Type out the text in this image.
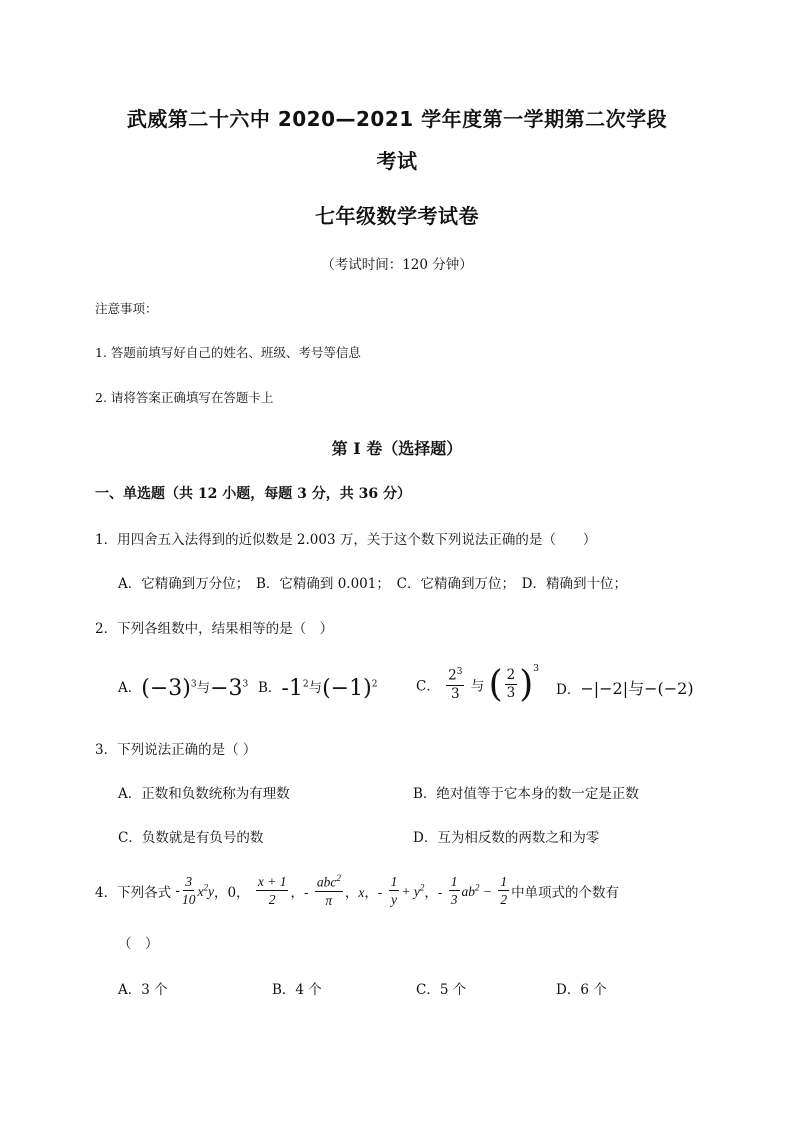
武威第二十六中 2020—2021 学年度第一学期第二次学段
考试
七年级数学考试卷
（考试时间：120 分钟）
注意事项：
1. 答题前填写好自己的姓名、班级、考号等信息
2. 请将答案正确填写在答题卡上
第 I 卷（选择题）
一、单选题（共 12 小题，每题 3 分，共 36 分）
1．用四舍五入法得到的近似数是 2.003 万，关于这个数下列说法正确的是（　　）
A．它精确到万分位；　B．它精确到 0.001；　C．它精确到万位；　D．精确到十位；
2．下列各组数中，结果相等的是（　）
A．$(-3)^3$与$-3^3$ B．$-1^2$与$(-1)^2$	C． $\frac{2^3}{3}$ 与 ( $\frac{2}{3} )^3$
D．−|−2|与−(−2)
3．下列说法正确的是（ ）
A．正数和负数统称为有理数	B．绝对值等于它本身的数一定是正数
C．负数就是有负号的数	D．互为相反数的两数之和为零
4．下列各式 - $\frac{3}{10} x^2y$，0， $\frac{x + 1}{2}$ ，- $\frac{abc^2}{\pi}$ ，x，- $\frac{1}{y} + y^2$，- $\frac{1}{3} ab^2 - \frac{1}{2}$ 中单项式的个数有
（　）
A．3 个	B．4 个	C．5 个	D．6 个
